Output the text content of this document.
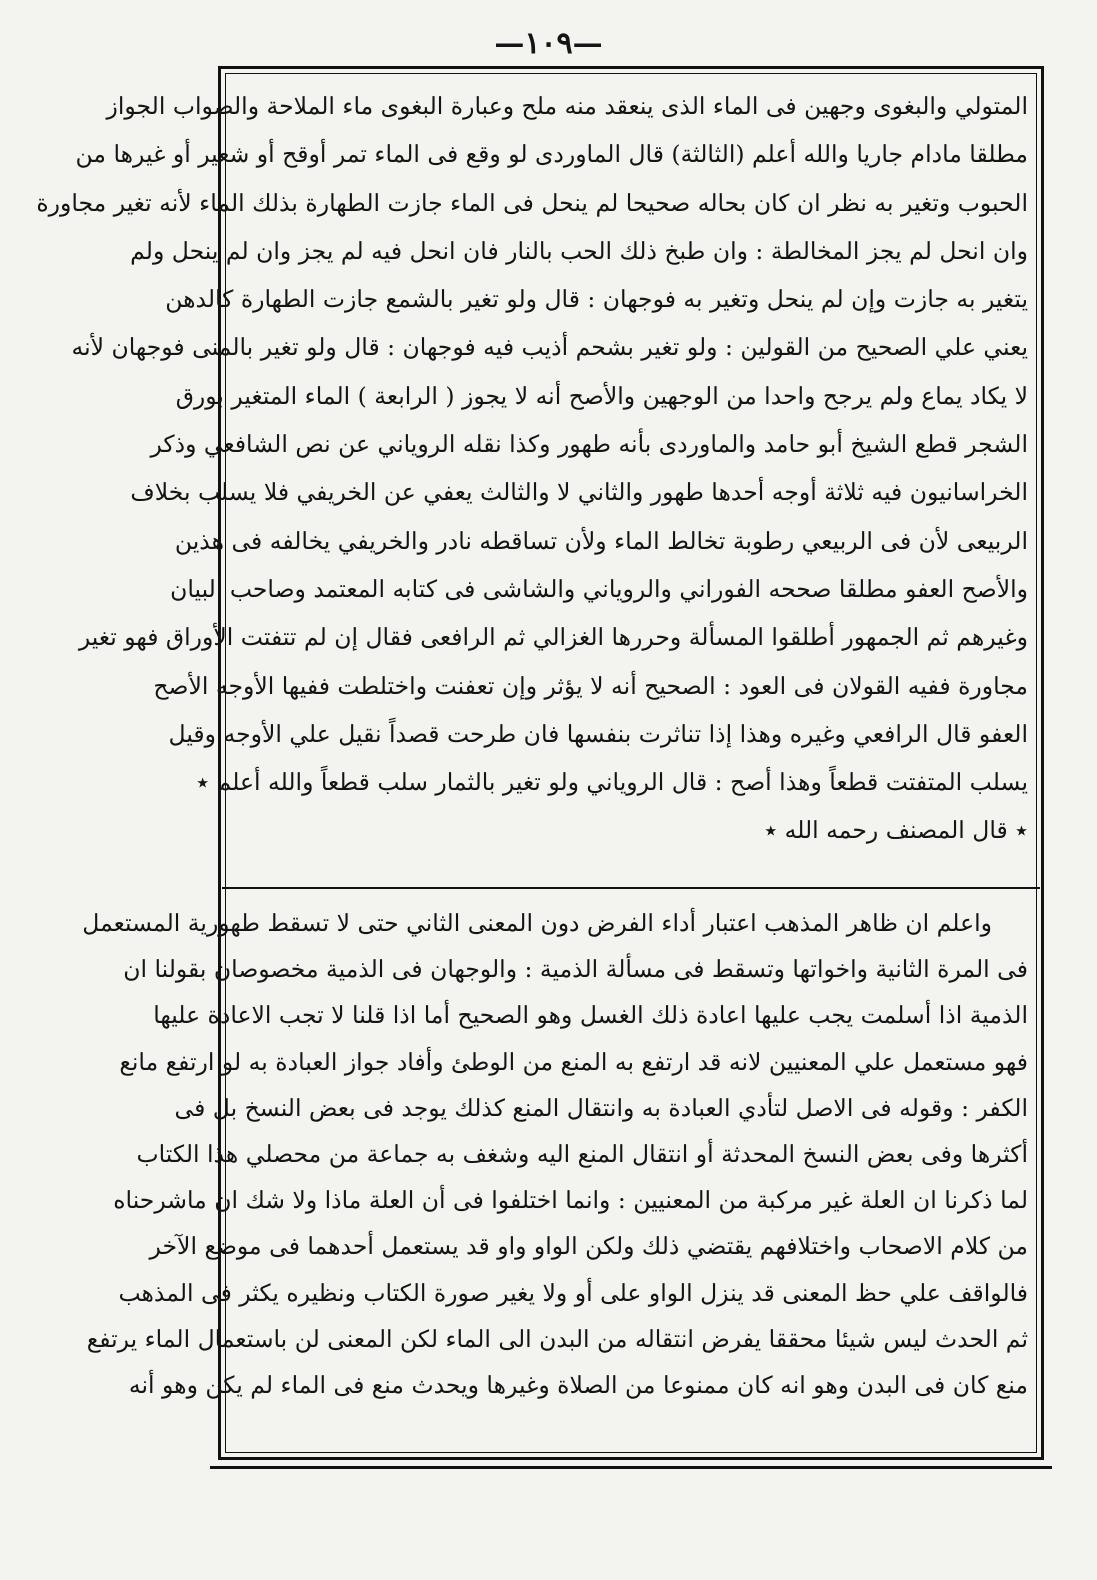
—١٠٩—
المتولي والبغوى وجهين فى الماء الذى ينعقد منه ملح وعبارة البغوى ماء الملاحة والصواب الجواز
مطلقا مادام جاريا والله أعلم (الثالثة) قال الماوردى لو وقع فى الماء تمر أوقح أو شعير أو غيرها من
الحبوب وتغير به نظر ان كان بحاله صحيحا لم ينحل فى الماء جازت الطهارة بذلك الماء لأنه تغير مجاورة
وان انحل لم يجز المخالطة : وان طبخ ذلك الحب بالنار فان انحل فيه لم يجز وان لم ينحل ولم
يتغير به جازت وإن لم ينحل وتغير به فوجهان : قال ولو تغير بالشمع جازت الطهارة كالدهن
يعني علي الصحيح من القولين : ولو تغير بشحم أذيب فيه فوجهان : قال ولو تغير بالمنى فوجهان لأنه
لا يكاد يماع ولم يرجح واحدا من الوجهين والأصح أنه لا يجوز ( الرابعة ) الماء المتغير بورق
الشجر قطع الشيخ أبو حامد والماوردى بأنه طهور وكذا نقله الروياني عن نص الشافعي وذكر
الخراسانيون فيه ثلاثة أوجه أحدها طهور والثاني لا والثالث يعفي عن الخريفي فلا يسلب بخلاف
الربيعى لأن فى الربيعي رطوبة تخالط الماء ولأن تساقطه نادر والخريفي يخالفه فى هذين
والأصح العفو مطلقا صححه الفوراني والروياني والشاشى فى كتابه المعتمد وصاحب البيان
وغيرهم ثم الجمهور أطلقوا المسألة وحررها الغزالي ثم الرافعى فقال إن لم تتفتت الأوراق فهو تغير
مجاورة ففيه القولان فى العود : الصحيح أنه لا يؤثر وإن تعفنت واختلطت ففيها الأوجه الأصح
العفو قال الرافعي وغيره وهذا إذا تناثرت بنفسها فان طرحت قصداً نقيل علي الأوجه وقيل
يسلب المتفتت قطعاً وهذا أصح : قال الروياني ولو تغير بالثمار سلب قطعاً والله أعلم ٭
٭ قال المصنف رحمه الله ٭
واعلم ان ظاهر المذهب اعتبار أداء الفرض دون المعنى الثاني حتى لا تسقط طهورية المستعمل
فى المرة الثانية واخواتها وتسقط فى مسألة الذمية : والوجهان فى الذمية مخصوصان بقولنا ان
الذمية اذا أسلمت يجب عليها اعادة ذلك الغسل وهو الصحيح أما اذا قلنا لا تجب الاعادة عليها
فهو مستعمل علي المعنيين لانه قد ارتفع به المنع من الوطئ وأفاد جواز العبادة به لو ارتفع مانع
الكفر : وقوله فى الاصل لتأدي العبادة به وانتقال المنع كذلك يوجد فى بعض النسخ بل فى
أكثرها وفى بعض النسخ المحدثة أو انتقال المنع اليه وشغف به جماعة من محصلي هذا الكتاب
لما ذكرنا ان العلة غير مركبة من المعنيين : وانما اختلفوا فى أن العلة ماذا ولا شك ان ماشرحناه
من كلام الاصحاب واختلافهم يقتضي ذلك ولكن الواو واو قد يستعمل أحدهما فى موضع الآخر
فالواقف علي حظ المعنى قد ينزل الواو على أو ولا يغير صورة الكتاب ونظيره يكثر فى المذهب
ثم الحدث ليس شيئا محققا يفرض انتقاله من البدن الى الماء لكن المعنى لن باستعمال الماء يرتفع
منع كان فى البدن وهو انه كان ممنوعا من الصلاة وغيرها ويحدث منع فى الماء لم يكن وهو أنه
